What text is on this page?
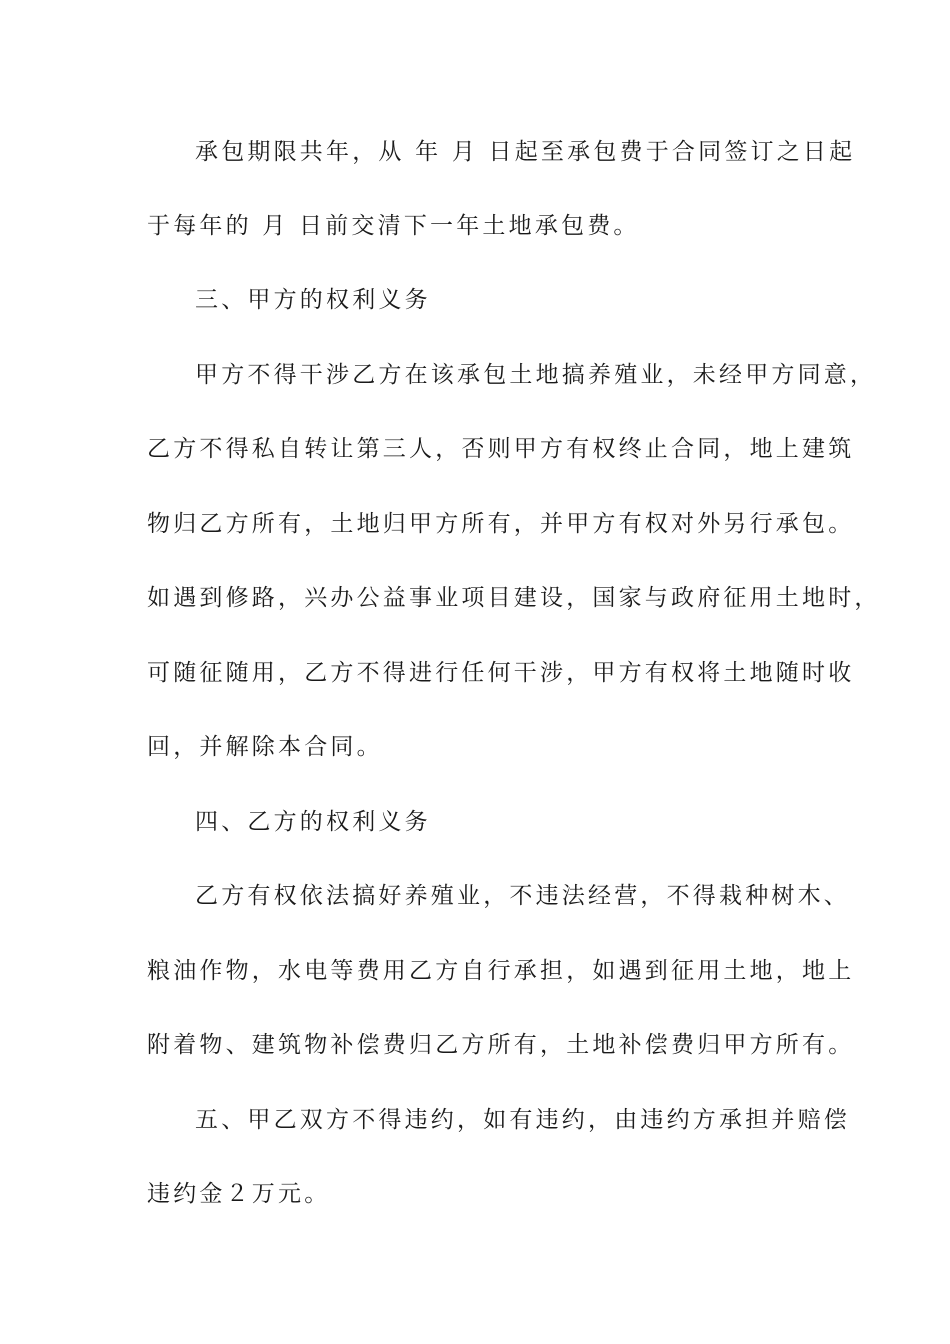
承包期限共年，从 年 月 日起至承包费于合同签订之日起
于每年的 月 日前交清下一年土地承包费。
三、甲方的权利义务
甲方不得干涉乙方在该承包土地搞养殖业，未经甲方同意，
乙方不得私自转让第三人，否则甲方有权终止合同，地上建筑
物归乙方所有，土地归甲方所有，并甲方有权对外另行承包。
如遇到修路，兴办公益事业项目建设，国家与政府征用土地时，
可随征随用，乙方不得进行任何干涉，甲方有权将土地随时收
回，并解除本合同。
四、乙方的权利义务
乙方有权依法搞好养殖业，不违法经营，不得栽种树木、
粮油作物，水电等费用乙方自行承担，如遇到征用土地，地上
附着物、建筑物补偿费归乙方所有，土地补偿费归甲方所有。
五、甲乙双方不得违约，如有违约，由违约方承担并赔偿
违约金２万元。
